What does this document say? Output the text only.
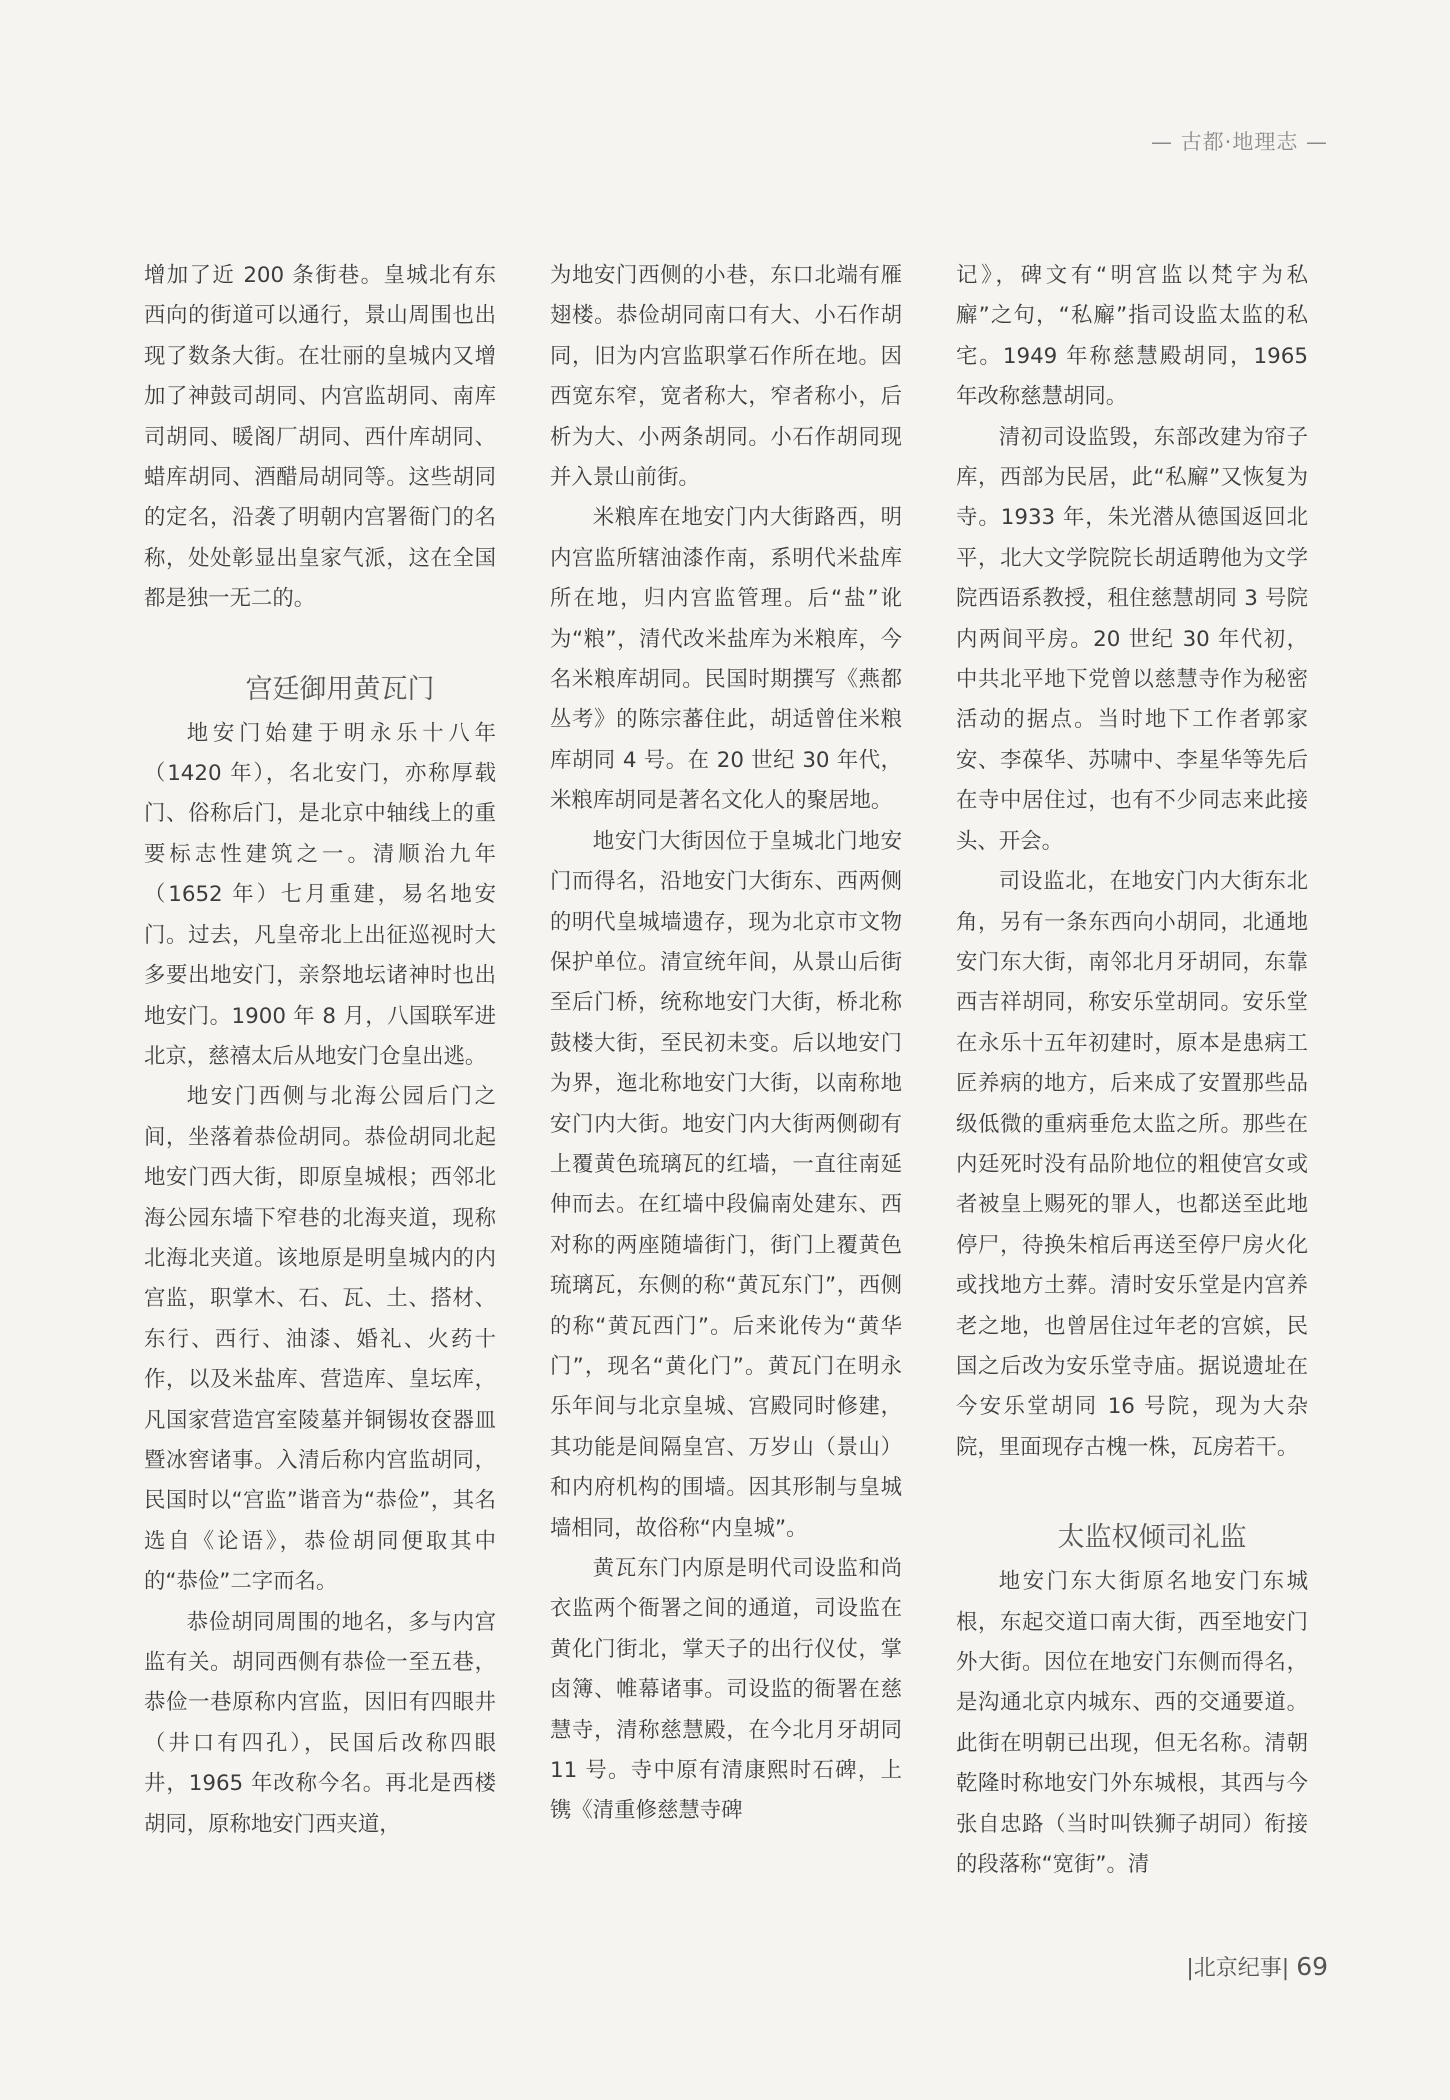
— 古都·地理志 —

增加了近 200 条街巷。皇城北有东西向的街道可以通行，景山周围也出现了数条大街。在壮丽的皇城内又增加了神鼓司胡同、内宫监胡同、南库司胡同、暖阁厂胡同、西什库胡同、蜡库胡同、酒醋局胡同等。这些胡同的定名，沿袭了明朝内宫署衙门的名称，处处彰显出皇家气派，这在全国都是独一无二的。

宫廷御用黄瓦门

地安门始建于明永乐十八年（1420 年），名北安门，亦称厚载门、俗称后门，是北京中轴线上的重要标志性建筑之一。清顺治九年（1652 年）七月重建，易名地安门。过去，凡皇帝北上出征巡视时大多要出地安门，亲祭地坛诸神时也出地安门。1900 年 8 月，八国联军进北京，慈禧太后从地安门仓皇出逃。

地安门西侧与北海公园后门之间，坐落着恭俭胡同。恭俭胡同北起地安门西大街，即原皇城根；西邻北海公园东墙下窄巷的北海夹道，现称北海北夹道。该地原是明皇城内的内宫监，职掌木、石、瓦、土、搭材、东行、西行、油漆、婚礼、火药十作，以及米盐库、营造库、皇坛库，凡国家营造宫室陵墓并铜锡妆奁器皿暨冰窖诸事。入清后称内宫监胡同，民国时以“宫监”谐音为“恭俭”，其名选自《论语》，恭俭胡同便取其中的“恭俭”二字而名。

恭俭胡同周围的地名，多与内宫监有关。胡同西侧有恭俭一至五巷，恭俭一巷原称内宫监，因旧有四眼井（井口有四孔），民国后改称四眼井，1965 年改称今名。再北是西楼胡同，原称地安门西夹道，

为地安门西侧的小巷，东口北端有雁翅楼。恭俭胡同南口有大、小石作胡同，旧为内宫监职掌石作所在地。因西宽东窄，宽者称大，窄者称小，后析为大、小两条胡同。小石作胡同现并入景山前街。

米粮库在地安门内大街路西，明内宫监所辖油漆作南，系明代米盐库所在地，归内宫监管理。后“盐”讹为“粮”，清代改米盐库为米粮库，今名米粮库胡同。民国时期撰写《燕都丛考》的陈宗蕃住此，胡适曾住米粮库胡同 4 号。在 20 世纪 30 年代，米粮库胡同是著名文化人的聚居地。

地安门大街因位于皇城北门地安门而得名，沿地安门大街东、西两侧的明代皇城墙遗存，现为北京市文物保护单位。清宣统年间，从景山后街至后门桥，统称地安门大街，桥北称鼓楼大街，至民初未变。后以地安门为界，迤北称地安门大街，以南称地安门内大街。地安门内大街两侧砌有上覆黄色琉璃瓦的红墙，一直往南延伸而去。在红墙中段偏南处建东、西对称的两座随墙街门，街门上覆黄色琉璃瓦，东侧的称“黄瓦东门”，西侧的称“黄瓦西门”。后来讹传为“黄华门”，现名“黄化门”。黄瓦门在明永乐年间与北京皇城、宫殿同时修建，其功能是间隔皇宫、万岁山（景山）和内府机构的围墙。因其形制与皇城墙相同，故俗称“内皇城”。

黄瓦东门内原是明代司设监和尚衣监两个衙署之间的通道，司设监在黄化门街北，掌天子的出行仪仗，掌卤簿、帷幕诸事。司设监的衙署在慈慧寺，清称慈慧殿，在今北月牙胡同 11 号。寺中原有清康熙时石碑，上镌《清重修慈慧寺碑

记》，碑文有“明宫监以梵宇为私廨”之句，“私廨”指司设监太监的私宅。1949 年称慈慧殿胡同，1965 年改称慈慧胡同。

清初司设监毁，东部改建为帘子库，西部为民居，此“私廨”又恢复为寺。1933 年，朱光潜从德国返回北平，北大文学院院长胡适聘他为文学院西语系教授，租住慈慧胡同 3 号院内两间平房。20 世纪 30 年代初，中共北平地下党曾以慈慧寺作为秘密活动的据点。当时地下工作者郭家安、李葆华、苏啸中、李星华等先后在寺中居住过，也有不少同志来此接头、开会。

司设监北，在地安门内大街东北角，另有一条东西向小胡同，北通地安门东大街，南邻北月牙胡同，东靠西吉祥胡同，称安乐堂胡同。安乐堂在永乐十五年初建时，原本是患病工匠养病的地方，后来成了安置那些品级低微的重病垂危太监之所。那些在内廷死时没有品阶地位的粗使宫女或者被皇上赐死的罪人，也都送至此地停尸，待换朱棺后再送至停尸房火化或找地方土葬。清时安乐堂是内宫养老之地，也曾居住过年老的宫嫔，民国之后改为安乐堂寺庙。据说遗址在今安乐堂胡同 16 号院，现为大杂院，里面现存古槐一株，瓦房若干。

太监权倾司礼监

地安门东大街原名地安门东城根，东起交道口南大街，西至地安门外大街。因位在地安门东侧而得名，是沟通北京内城东、西的交通要道。此街在明朝已出现，但无名称。清朝乾隆时称地安门外东城根，其西与今张自忠路（当时叫铁狮子胡同）衔接的段落称“宽街”。清

|北京纪事| 69
